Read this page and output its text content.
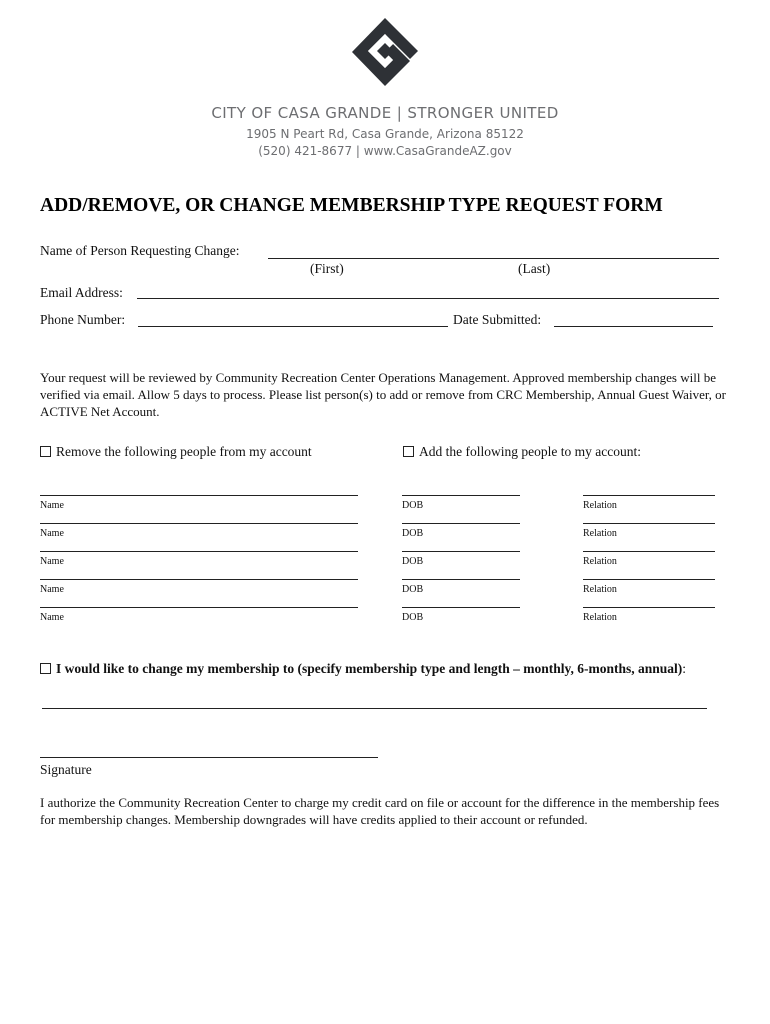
CITY OF CASA GRANDE | STRONGER UNITED
1905 N Peart Rd, Casa Grande, Arizona 85122
(520) 421-8677 | www.CasaGrandeAZ.gov
ADD/REMOVE, OR CHANGE MEMBERSHIP TYPE REQUEST FORM
Name of Person Requesting Change:
(First)	(Last)
Email Address:
Phone Number:	Date Submitted:
Your request will be reviewed by Community Recreation Center Operations Management. Approved membership changes will be verified via email. Allow 5 days to process. Please list person(s) to add or remove from CRC Membership, Annual Guest Waiver, or ACTIVE Net Account.
Remove the following people from my account	Add the following people to my account:
Name	DOB	Relation
Name	DOB	Relation
Name	DOB	Relation
Name	DOB	Relation
Name	DOB	Relation
I would like to change my membership to (specify membership type and length – monthly, 6-months, annual):
Signature
I authorize the Community Recreation Center to charge my credit card on file or account for the difference in the membership fees for membership changes. Membership downgrades will have credits applied to their account or refunded.
